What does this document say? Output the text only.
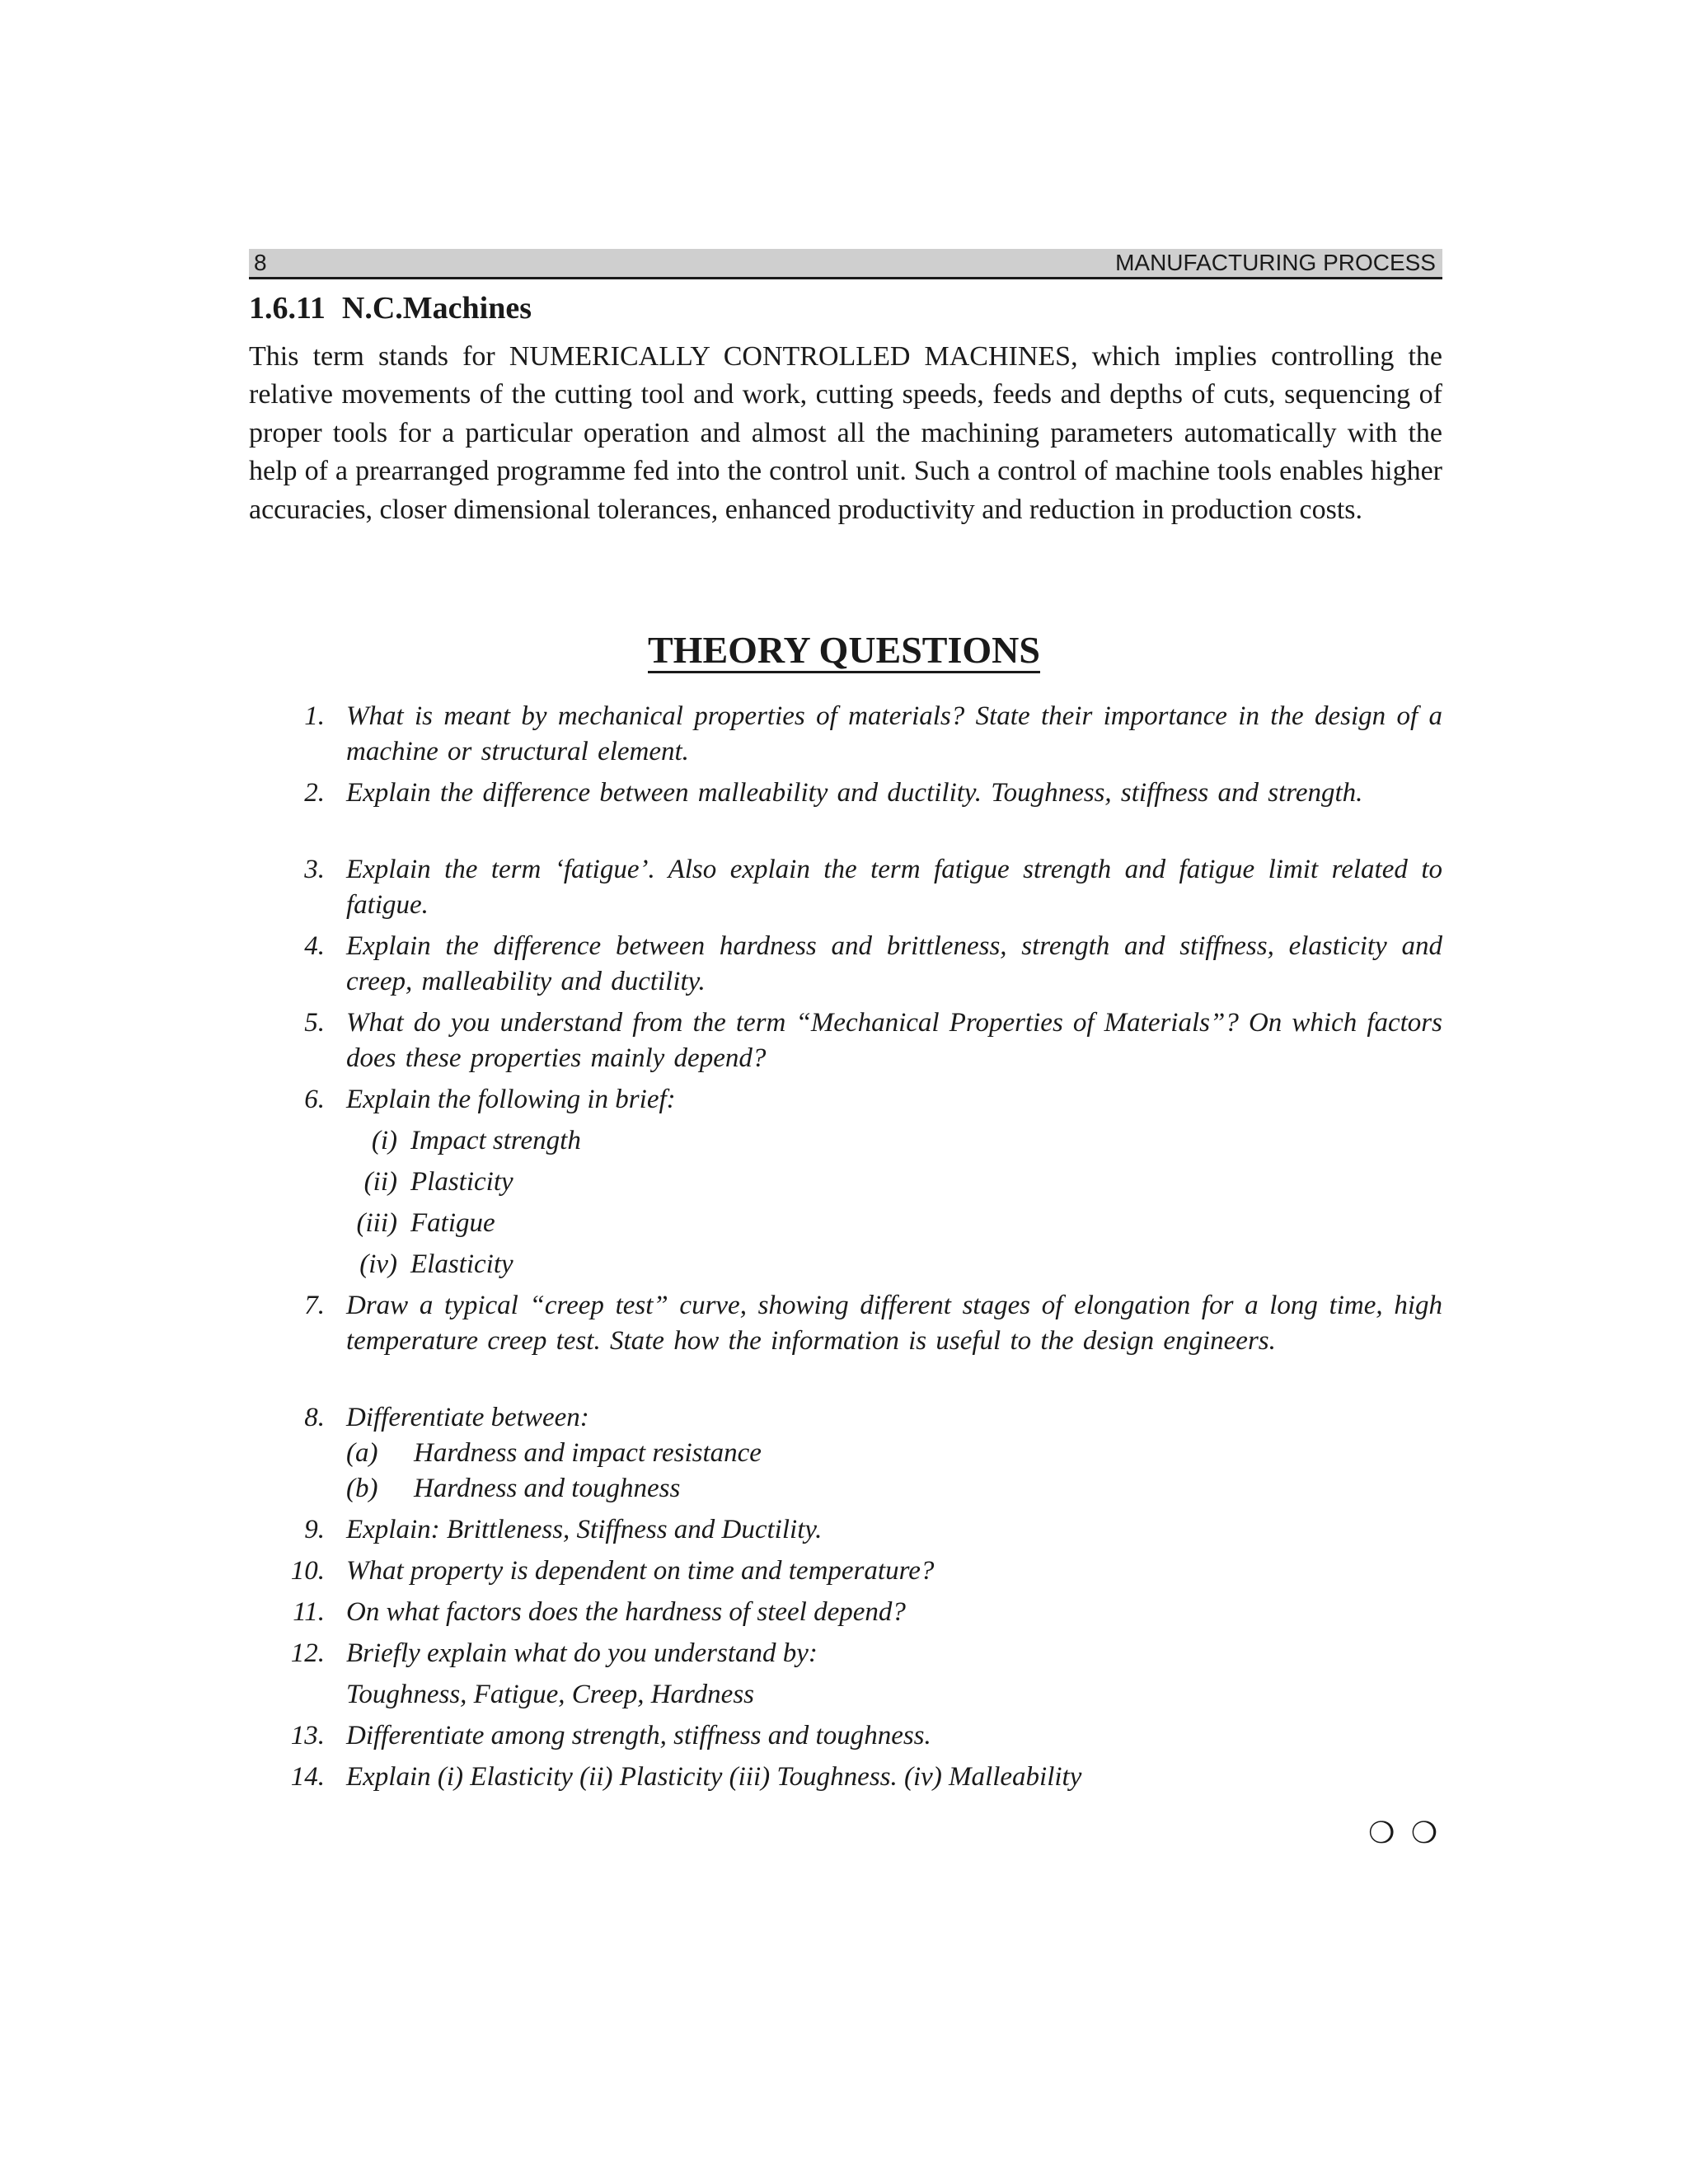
8	MANUFACTURING PROCESS
1.6.11 N.C.Machines
This term stands for NUMERICALLY CONTROLLED MACHINES, which implies controlling the relative movements of the cutting tool and work, cutting speeds, feeds and depths of cuts, sequencing of proper tools for a particular operation and almost all the machining parameters automatically with the help of a prearranged programme fed into the control unit. Such a control of machine tools enables higher accuracies, closer dimensional tolerances, enhanced productivity and reduction in production costs.
THEORY QUESTIONS
1. What is meant by mechanical properties of materials? State their importance in the design of a machine or structural element.
2. Explain the difference between malleability and ductility. Toughness, stiffness and strength.
3. Explain the term ‘fatigue’. Also explain the term fatigue strength and fatigue limit related to fatigue.
4. Explain the difference between hardness and brittleness, strength and stiffness, elasticity and creep, malleability and ductility.
5. What do you understand from the term “Mechanical Properties of Materials”? On which factors does these properties mainly depend?
6. Explain the following in brief:
(i) Impact strength
(ii) Plasticity
(iii) Fatigue
(iv) Elasticity
7. Draw a typical “creep test” curve, showing different stages of elongation for a long time, high temperature creep test. State how the information is useful to the design engineers.
8. Differentiate between:
(a) Hardness and impact resistance
(b) Hardness and toughness
9. Explain: Brittleness, Stiffness and Ductility.
10. What property is dependent on time and temperature?
11. On what factors does the hardness of steel depend?
12. Briefly explain what do you understand by:
Toughness, Fatigue, Creep, Hardness
13. Differentiate among strength, stiffness and toughness.
14. Explain (i) Elasticity (ii) Plasticity (iii) Toughness. (iv) Malleability
❍ ❍
